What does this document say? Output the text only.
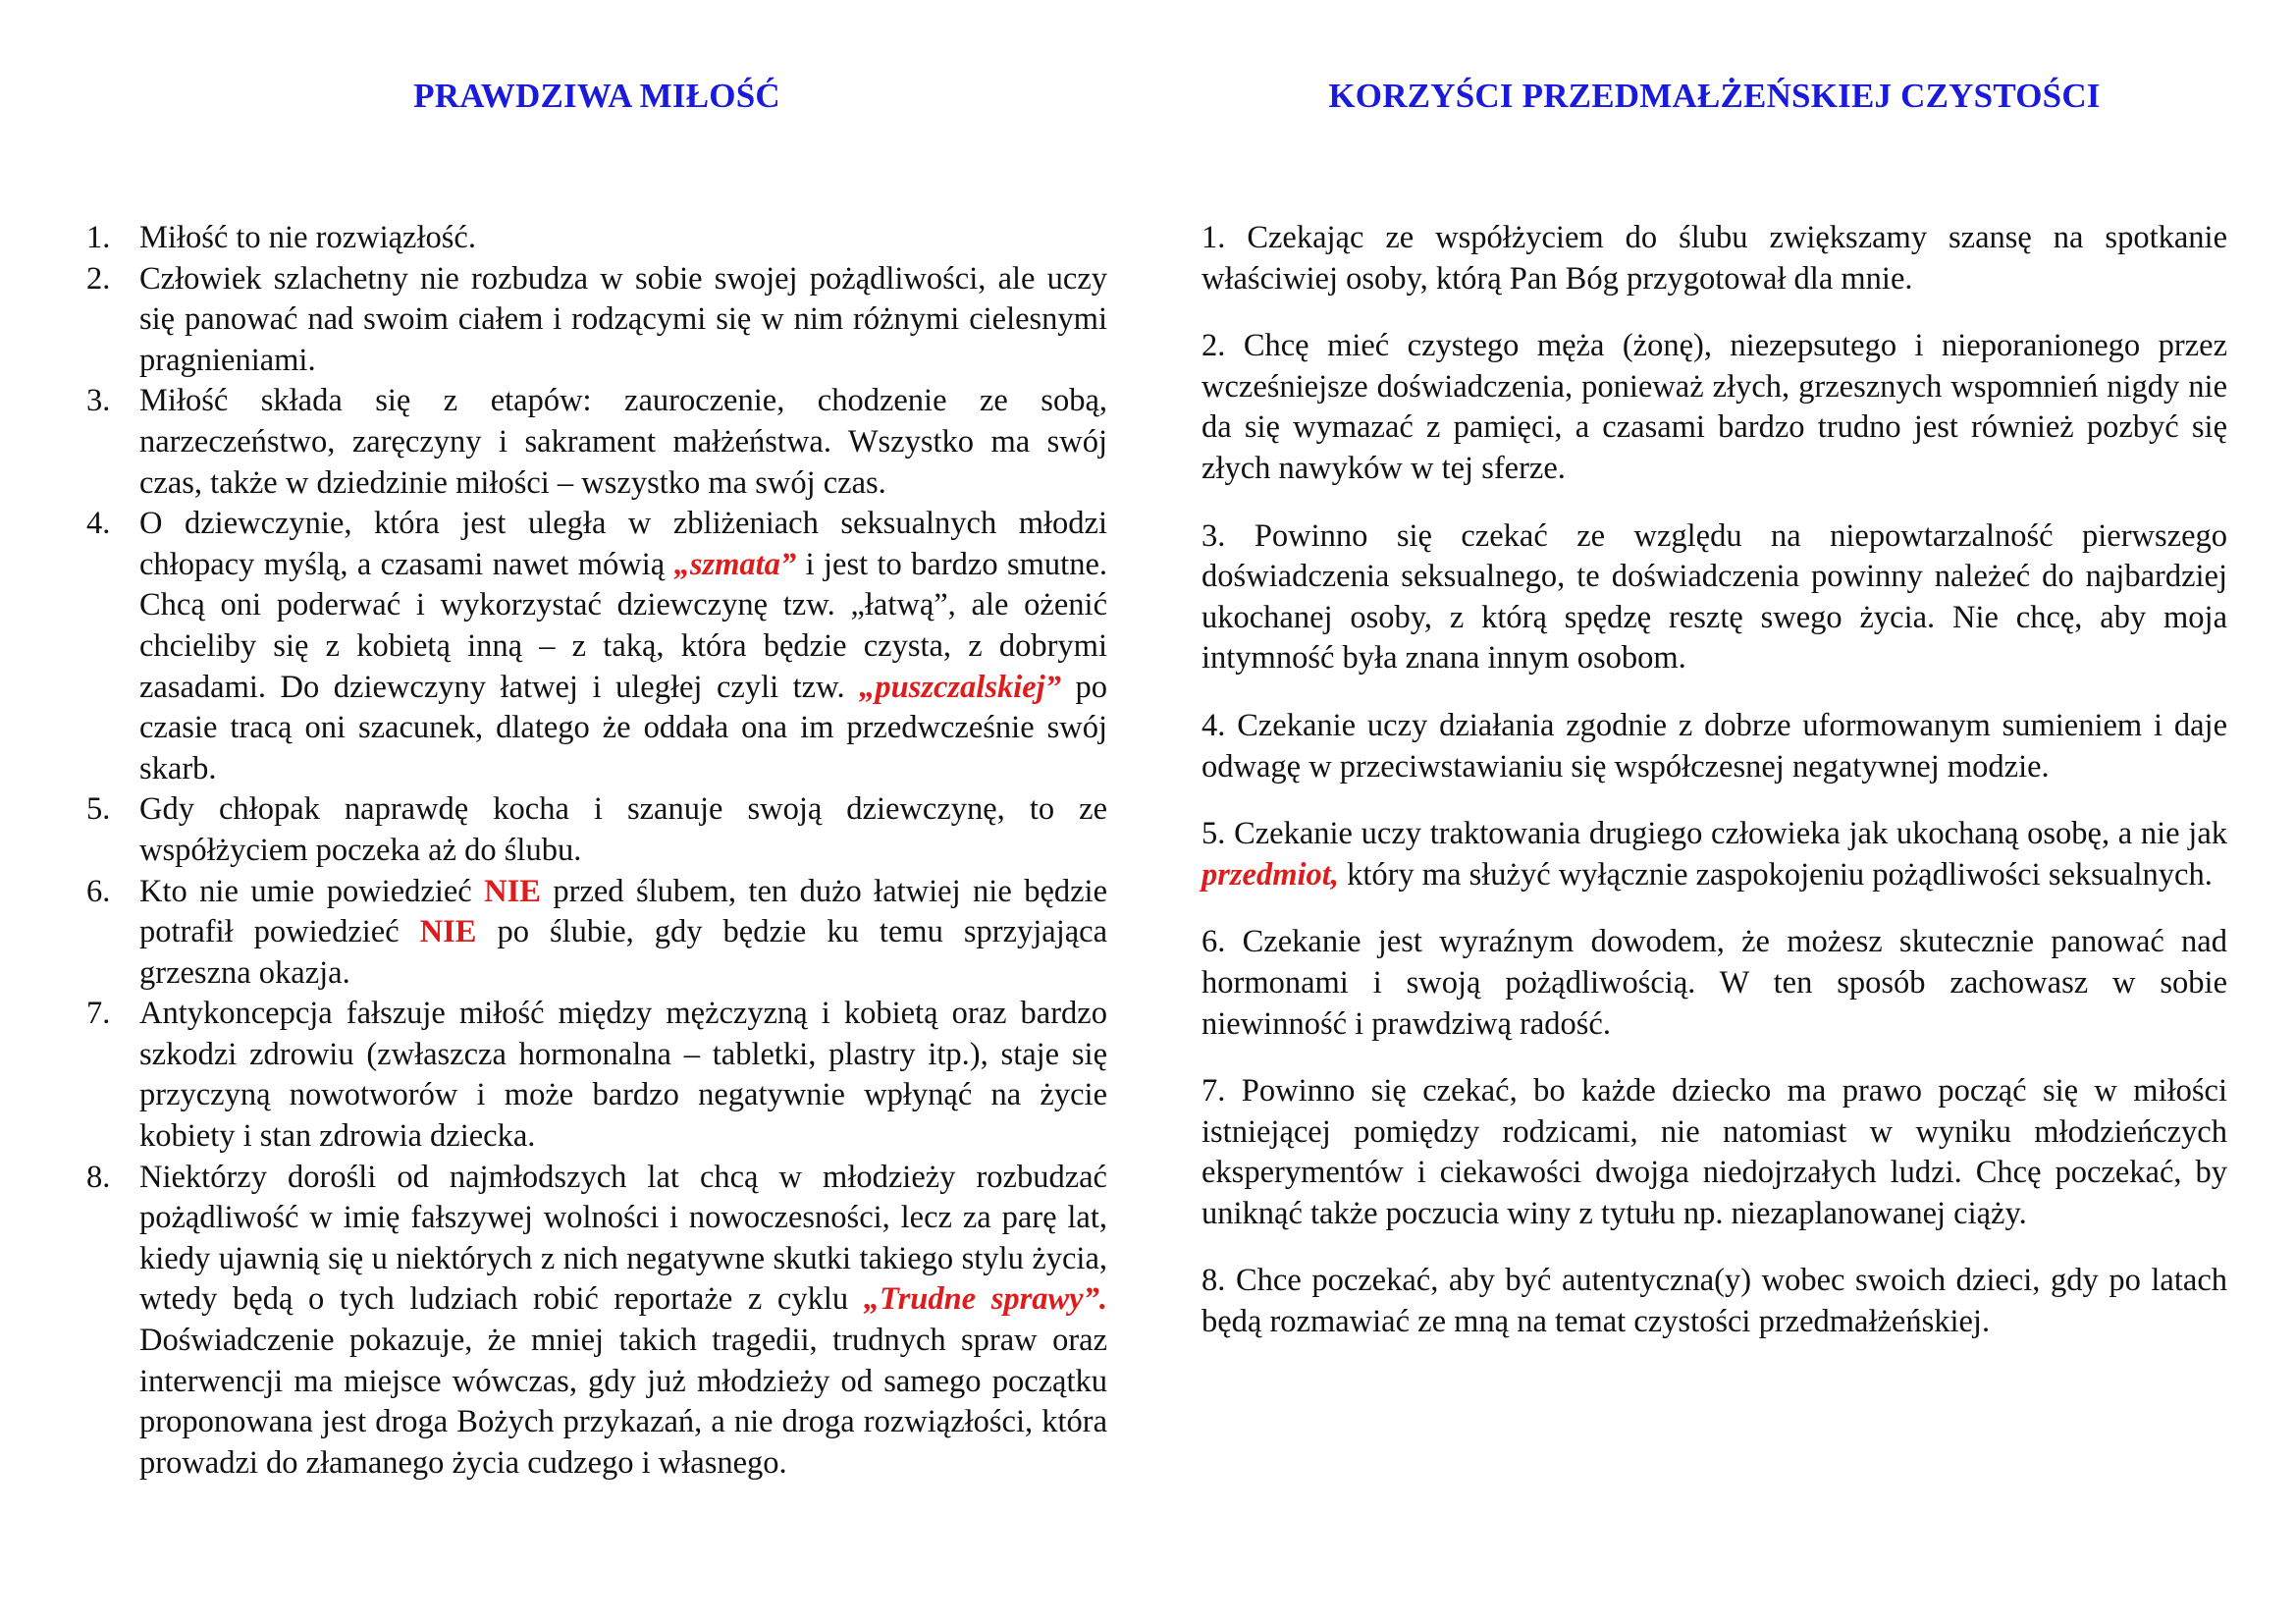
PRAWDZIWA MIŁOŚĆ
1. Miłość to nie rozwiązłość.
2. Człowiek szlachetny nie rozbudza w sobie swojej pożądliwości, ale uczy się panować nad swoim ciałem i rodzącymi się w nim różnymi cielesnymi pragnieniami.
3. Miłość składa się z etapów: zauroczenie, chodzenie ze sobą, narzeczeństwo, zaręczyny i sakrament małżeństwa. Wszystko ma swój czas, także w dziedzinie miłości – wszystko ma swój czas.
4. O dziewczynie, która jest uległa w zbliżeniach seksualnych młodzi chłopacy myślą, a czasami nawet mówią „szmata” i jest to bardzo smutne. Chcą oni poderwać i wykorzystać dziewczynę tzw. „łatwą”, ale ożenić chcieliby się z kobietą inną – z taką, która będzie czysta, z dobrymi zasadami. Do dziewczyny łatwej i uległej czyli tzw. „puszczalskiej” po czasie tracą oni szacunek, dlatego że oddała ona im przedwcześnie swój skarb.
5. Gdy chłopak naprawdę kocha i szanuje swoją dziewczynę, to ze współżyciem poczeka aż do ślubu.
6. Kto nie umie powiedzieć NIE przed ślubem, ten dużo łatwiej nie będzie potrafił powiedzieć NIE po ślubie, gdy będzie ku temu sprzyjająca grzeszna okazja.
7. Antykoncepcja fałszuje miłość między mężczyzną i kobietą oraz bardzo szkodzi zdrowiu (zwłaszcza hormonalna – tabletki, plastry itp.), staje się przyczyną nowotworów i może bardzo negatywnie wpłynąć na życie kobiety i stan zdrowia dziecka.
8. Niektórzy dorośli od najmłodszych lat chcą w młodzieży rozbudzać pożądliwość w imię fałszywej wolności i nowoczesności, lecz za parę lat, kiedy ujawnią się u niektórych z nich negatywne skutki takiego stylu życia, wtedy będą o tych ludziach robić reportaże z cyklu „Trudne sprawy”. Doświadczenie pokazuje, że mniej takich tragedii, trudnych spraw oraz interwencji ma miejsce wówczas, gdy już młodzieży od samego początku proponowana jest droga Bożych przykazań, a nie droga rozwiązłości, która prowadzi do złamanego życia cudzego i własnego.
KORZYŚCI PRZEDMAŁŻEŃSKIEJ CZYSTOŚCI

1. Czekając ze współżyciem do ślubu zwiększamy szansę na spotkanie właściwiej osoby, którą Pan Bóg przygotował dla mnie.

2. Chcę mieć czystego męża (żonę), niezepsutego i nieporanionego przez wcześniejsze doświadczenia, ponieważ złych, grzesznych wspomnień nigdy nie da się wymazać z pamięci, a czasami bardzo trudno jest również pozbyć się złych nawyków w tej sferze.

3. Powinno się czekać ze względu na niepowtarzalność pierwszego doświadczenia seksualnego, te doświadczenia powinny należeć do najbardziej ukochanej osoby, z którą spędzę resztę swego życia. Nie chcę, aby moja intymność była znana innym osobom.

4. Czekanie uczy działania zgodnie z dobrze uformowanym sumieniem i daje odwagę w przeciwstawianiu się współczesnej negatywnej modzie.

5. Czekanie uczy traktowania drugiego człowieka jak ukochaną osobę, a nie jak przedmiot, który ma służyć wyłącznie zaspokojeniu pożądliwości seksualnych.

6. Czekanie jest wyraźnym dowodem, że możesz skutecznie panować nad hormonami i swoją pożądliwością. W ten sposób zachowasz w sobie niewinność i prawdziwą radość.

7. Powinno się czekać, bo każde dziecko ma prawo począć się w miłości istniejącej pomiędzy rodzicami, nie natomiast w wyniku młodzieńczych eksperymentów i ciekawości dwojga niedojrzałych ludzi. Chcę poczekać, by uniknąć także poczucia winy z tytułu np. niezaplanowanej ciąży.

8. Chce poczekać, aby być autentyczna(y) wobec swoich dzieci, gdy po latach będą rozmawiać ze mną na temat czystości przedmałżeńskiej.
